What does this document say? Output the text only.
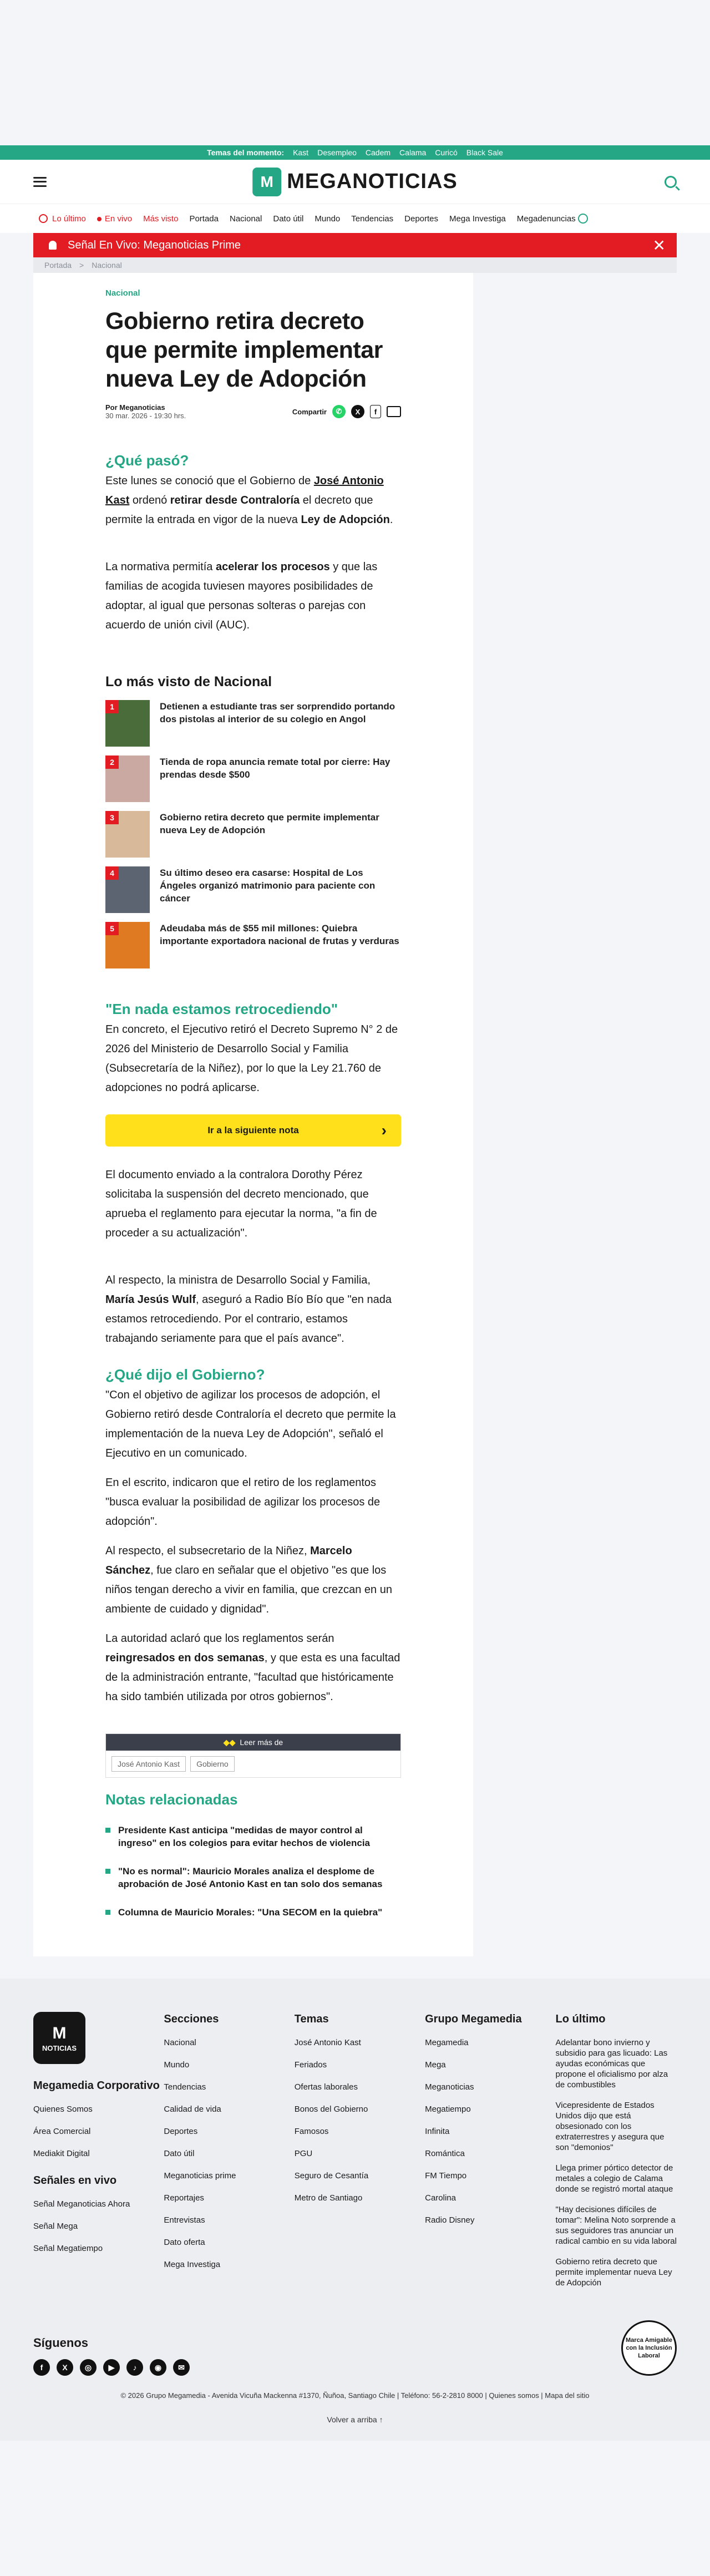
Temas del momento: Kast Desempleo Cadem Calama Curicó Black Sale
M MEGANOTICIAS
Lo último	En vivo Más visto Portada Nacional Dato útil Mundo Tendencias Deportes Mega Investiga Megadenuncias
Señal En Vivo: Meganoticias Prime	✕
Portada > Nacional
Nacional
Gobierno retira decreto que permite implementar nueva Ley de Adopción
Por Meganoticias
30 mar. 2026 - 19:30 hrs.	Compartir	✆	X	f
¿Qué pasó?

Este lunes se conoció que el Gobierno de José Antonio Kast ordenó retirar desde Contraloría el decreto que permite la entrada en vigor de la nueva Ley de Adopción.

La normativa permitía acelerar los procesos y que las familias de acogida tuviesen mayores posibilidades de adoptar, al igual que personas solteras o parejas con acuerdo de unión civil (AUC).

Lo más visto de Nacional
1	Detienen a estudiante tras ser sorprendido portando dos pistolas al interior de su colegio en Angol
2	Tienda de ropa anuncia remate total por cierre: Hay prendas desde $500
3	Gobierno retira decreto que permite implementar nueva Ley de Adopción
4	Su último deseo era casarse: Hospital de Los Ángeles organizó matrimonio para paciente con cáncer
5	Adeudaba más de $55 mil millones: Quiebra importante exportadora nacional de frutas y verduras
"En nada estamos retrocediendo"

En concreto, el Ejecutivo retiró el Decreto Supremo N° 2 de 2026 del Ministerio de Desarrollo Social y Familia (Subsecretaría de la Niñez), por lo que la Ley 21.760 de adopciones no podrá aplicarse.

Ir a la siguiente nota	›

El documento enviado a la contralora Dorothy Pérez solicitaba la suspensión del decreto mencionado, que aprueba el reglamento para ejecutar la norma, "a fin de proceder a su actualización".

Al respecto, la ministra de Desarrollo Social y Familia, María Jesús Wulf, aseguró a Radio Bío Bío que "en nada estamos retrocediendo. Por el contrario, estamos trabajando seriamente para que el país avance".

¿Qué dijo el Gobierno?

"Con el objetivo de agilizar los procesos de adopción, el Gobierno retiró desde Contraloría el decreto que permite la implementación de la nueva Ley de Adopción", señaló el Ejecutivo en un comunicado.

En el escrito, indicaron que el retiro de los reglamentos "busca evaluar la posibilidad de agilizar los procesos de adopción".

Al respecto, el subsecretario de la Niñez, Marcelo Sánchez, fue claro en señalar que el objetivo "es que los niños tengan derecho a vivir en familia, que crezcan en un ambiente de cuidado y dignidad".

La autoridad aclaró que los reglamentos serán reingresados en dos semanas, y que esta es una facultad de la administración entrante, "facultad que históricamente ha sido también utilizada por otros gobiernos".

◆◆ Leer más de
José Antonio Kast	Gobierno
Notas relacionadas
Presidente Kast anticipa "medidas de mayor control al ingreso" en los colegios para evitar hechos de violencia
"No es normal": Mauricio Morales analiza el desplome de aprobación de José Antonio Kast en tan solo dos semanas
Columna de Mauricio Morales: "Una SECOM en la quiebra"
M
NOTICIAS
Megamedia Corporativo
Quienes Somos
Área Comercial
Mediakit Digital
Señales en vivo
Señal Meganoticias Ahora
Señal Mega
Señal Megatiempo
Secciones
Nacional
Mundo
Tendencias
Calidad de vida
Deportes
Dato útil
Meganoticias prime
Reportajes
Entrevistas
Dato oferta
Mega Investiga
Temas
José Antonio Kast
Feriados
Ofertas laborales
Bonos del Gobierno
Famosos
PGU
Seguro de Cesantía
Metro de Santiago
Grupo Megamedia
Megamedia
Mega
Meganoticias
Megatiempo
Infinita
Romántica
FM Tiempo
Carolina
Radio Disney
Lo último
Adelantar bono invierno y subsidio para gas licuado: Las ayudas económicas que propone el oficialismo por alza de combustibles
Vicepresidente de Estados Unidos dijo que está obsesionado con los extraterrestres y asegura que son "demonios"
Llega primer pórtico detector de metales a colegio de Calama donde se registró mortal ataque
"Hay decisiones difíciles de tomar": Melina Noto sorprende a sus seguidores tras anunciar un radical cambio en su vida laboral
Gobierno retira decreto que permite implementar nueva Ley de Adopción
Síguenos
f	X	◎	▶	♪	◉	✉
Marca Amigable con la Inclusión Laboral
© 2026 Grupo Megamedia - Avenida Vicuña Mackenna #1370, Ñuñoa, Santiago Chile | Teléfono: 56-2-2810 8000 | Quienes somos | Mapa del sitio
Volver a arriba ↑
